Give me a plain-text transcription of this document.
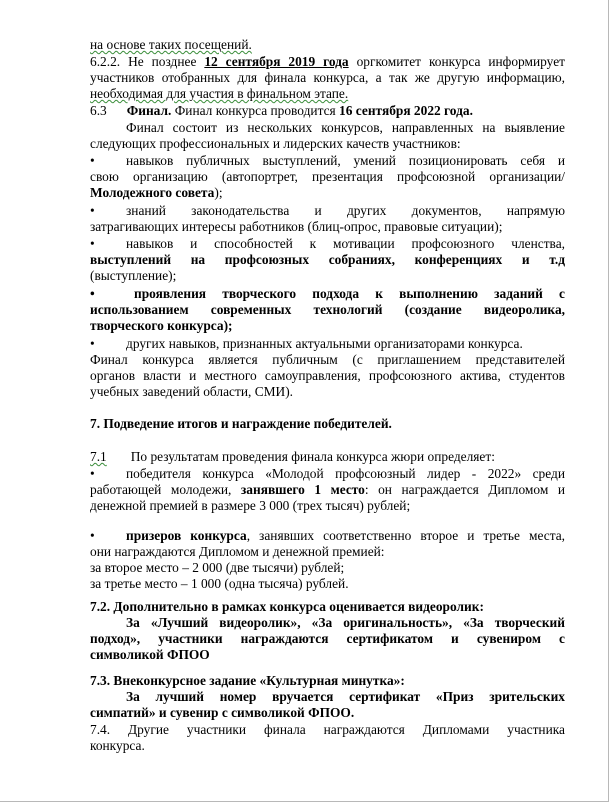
на основе таких посещений.
6.2.2. Не позднее 12 сентября 2019 года оргкомитет конкурса информирует
участников отобранных для финала конкурса, а так же другую информацию,
необходимая для участия в финальном этапе.
6.3 Финал. Финал конкурса проводится 16 сентября 2022 года.
Финал состоит из нескольких конкурсов, направленных на выявление
следующих профессиональных и лидерских качеств участников:
• навыков публичных выступлений, умений позиционировать себя и
свою организацию (автопортрет, презентация профсоюзной организации/
Молодежного совета);
• знаний законодательства и других документов, напрямую
затрагивающих интересы работников (блиц-опрос, правовые ситуации);
• навыков и способностей к мотивации профсоюзного членства,
выступлений на профсоюзных собраниях, конференциях и т.д
(выступление);
•	проявления творческого подхода к выполнению заданий с
использованием современных технологий (создание видеоролика,
творческого конкурса);
• других навыков, признанных актуальными организаторами конкурса.
Финал конкурса является публичным (с приглашением представителей
органов власти и местного самоуправления, профсоюзного актива, студентов
учебных заведений области, СМИ).
7. Подведение итогов и награждение победителей.
7.1 По результатам проведения финала конкурса жюри определяет:
• победителя конкурса «Молодой профсоюзный лидер - 2022» среди
работающей молодежи, занявшего 1 место: он награждается Дипломом и
денежной премией в размере 3 000 (трех тысяч) рублей;
• призеров конкурса, занявших соответственно второе и третье места,
они награждаются Дипломом и денежной премией:
за второе место – 2 000 (две тысячи) рублей;
за третье место – 1 000 (одна тысяча) рублей.
7.2. Дополнительно в рамках конкурса оценивается видеоролик:
За «Лучший видеоролик», «За оригинальность», «За творческий
подход», участники награждаются сертификатом и сувениром с
символикой ФПОО
7.3. Внеконкурсное задание «Культурная минутка»:
За лучший номер вручается сертификат «Приз зрительских
симпатий» и сувенир с символикой ФПОО.
7.4. Другие участники финала награждаются Дипломами участника
конкурса.
